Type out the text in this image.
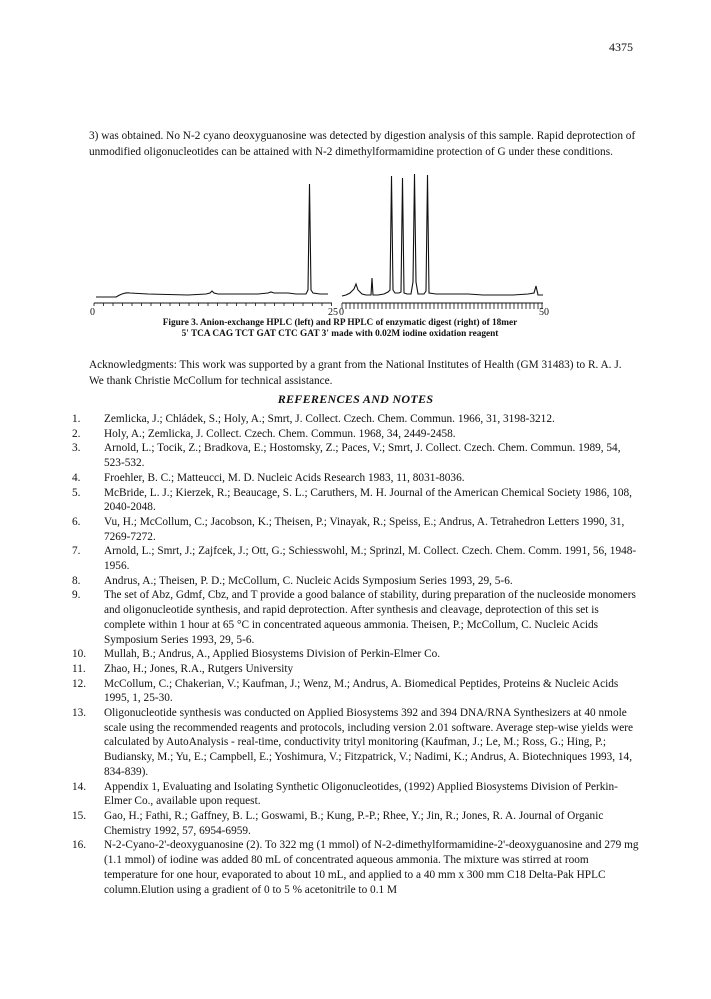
4375

3) was obtained. No N-2 cyano deoxyguanosine was detected by digestion analysis of this sample. Rapid deprotection of unmodified oligonucleotides can be attained with N-2 dimethylformamidine protection of G under these conditions.

0	25 0	50
Figure 3. Anion-exchange HPLC (left) and RP HPLC of enzymatic digest (right) of 18mer
5' TCA CAG TCT GAT CTC GAT 3' made with 0.02M iodine oxidation reagent

Acknowledgments: This work was supported by a grant from the National Institutes of Health (GM 31483) to R. A. J. We thank Christie McCollum for technical assistance.

REFERENCES AND NOTES
1. Zemlicka, J.; Chládek, S.; Holy, A.; Smrt, J. Collect. Czech. Chem. Commun. 1966, 31, 3198-3212.
2. Holy, A.; Zemlicka, J. Collect. Czech. Chem. Commun. 1968, 34, 2449-2458.
3. Arnold, L.; Tocik, Z.; Bradkova, E.; Hostomsky, Z.; Paces, V.; Smrt, J. Collect. Czech. Chem. Commun. 1989, 54, 523-532.
4. Froehler, B. C.; Matteucci, M. D. Nucleic Acids Research 1983, 11, 8031-8036.
5. McBride, L. J.; Kierzek, R.; Beaucage, S. L.; Caruthers, M. H. Journal of the American Chemical Society 1986, 108, 2040-2048.
6. Vu, H.; McCollum, C.; Jacobson, K.; Theisen, P.; Vinayak, R.; Speiss, E.; Andrus, A. Tetrahedron Letters 1990, 31, 7269-7272.
7. Arnold, L.; Smrt, J.; Zajfcek, J.; Ott, G.; Schiesswohl, M.; Sprinzl, M. Collect. Czech. Chem. Comm. 1991, 56, 1948-1956.
8. Andrus, A.; Theisen, P. D.; McCollum, C. Nucleic Acids Symposium Series 1993, 29, 5-6.
9. The set of Abz, Gdmf, Cbz, and T provide a good balance of stability, during preparation of the nucleoside monomers and oligonucleotide synthesis, and rapid deprotection. After synthesis and cleavage, deprotection of this set is complete within 1 hour at 65 °C in concentrated aqueous ammonia. Theisen, P.; McCollum, C. Nucleic Acids Symposium Series 1993, 29, 5-6.
10. Mullah, B.; Andrus, A., Applied Biosystems Division of Perkin-Elmer Co.
11. Zhao, H.; Jones, R.A., Rutgers University
12. McCollum, C.; Chakerian, V.; Kaufman, J.; Wenz, M.; Andrus, A. Biomedical Peptides, Proteins & Nucleic Acids 1995, 1, 25-30.
13. Oligonucleotide synthesis was conducted on Applied Biosystems 392 and 394 DNA/RNA Synthesizers at 40 nmole scale using the recommended reagents and protocols, including version 2.01 software. Average step-wise yields were calculated by AutoAnalysis - real-time, conductivity trityl monitoring (Kaufman, J.; Le, M.; Ross, G.; Hing, P.; Budiansky, M.; Yu, E.; Campbell, E.; Yoshimura, V.; Fitzpatrick, V.; Nadimi, K.; Andrus, A. Biotechniques 1993, 14, 834-839).
14. Appendix 1, Evaluating and Isolating Synthetic Oligonucleotides, (1992) Applied Biosystems Division of Perkin-Elmer Co., available upon request.
15. Gao, H.; Fathi, R.; Gaffney, B. L.; Goswami, B.; Kung, P.-P.; Rhee, Y.; Jin, R.; Jones, R. A. Journal of Organic Chemistry 1992, 57, 6954-6959.
16. N-2-Cyano-2'-deoxyguanosine (2). To 322 mg (1 mmol) of N-2-dimethylformamidine-2'-deoxyguanosine and 279 mg (1.1 mmol) of iodine was added 80 mL of concentrated aqueous ammonia. The mixture was stirred at room temperature for one hour, evaporated to about 10 mL, and applied to a 40 mm x 300 mm C18 Delta-Pak HPLC column.Elution using a gradient of 0 to 5 % acetonitrile to 0.1 M
